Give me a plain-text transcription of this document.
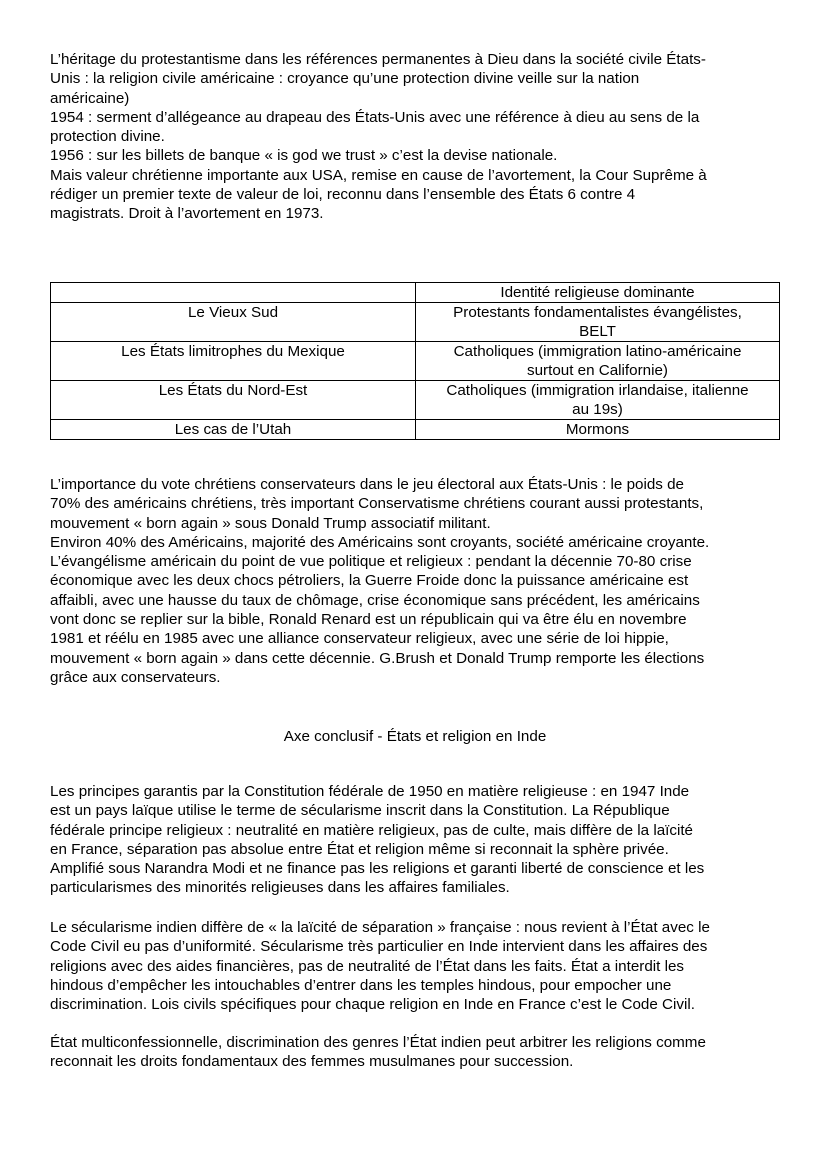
L’héritage du protestantisme dans les références permanentes à Dieu dans la société civile États-
Unis : la religion civile américaine : croyance qu’une protection divine veille sur la nation
américaine)
1954 : serment d’allégeance au drapeau des États-Unis avec une référence à dieu au sens de la
protection divine.
1956 : sur les billets de banque « is god we trust » c’est la devise nationale.
Mais valeur chrétienne importante aux USA, remise en cause de l’avortement, la Cour Suprême à
rédiger un premier texte de valeur de loi, reconnu dans l’ensemble des États 6 contre 4
magistrats. Droit à l’avortement en 1973.

	Identité religieuse dominante
Le Vieux Sud	Protestants fondamentalistes évangélistes,
BELT

Les États limitrophes du Mexique	Catholiques (immigration latino-américaine
surtout en Californie)

Les États du Nord-Est	Catholiques (immigration irlandaise, italienne
au 19s)

Les cas de l’Utah	Mormons

L’importance du vote chrétiens conservateurs dans le jeu électoral aux États-Unis : le poids de
70% des américains chrétiens, très important Conservatisme chrétiens courant aussi protestants,
mouvement « born again » sous Donald Trump associatif militant.
Environ 40% des Américains, majorité des Américains sont croyants, société américaine croyante.
L’évangélisme américain du point de vue politique et religieux : pendant la décennie 70-80 crise
économique avec les deux chocs pétroliers, la Guerre Froide donc la puissance américaine est
affaibli, avec une hausse du taux de chômage, crise économique sans précédent, les américains
vont donc se replier sur la bible, Ronald Renard est un républicain qui va être élu en novembre
1981 et réélu en 1985 avec une alliance conservateur religieux, avec une série de loi hippie,
mouvement « born again » dans cette décennie. G.Brush et Donald Trump remporte les élections
grâce aux conservateurs.

Axe conclusif - États et religion en Inde

Les principes garantis par la Constitution fédérale de 1950 en matière religieuse : en 1947 Inde
est un pays laïque utilise le terme de sécularisme inscrit dans la Constitution. La République
fédérale principe religieux : neutralité en matière religieux, pas de culte, mais diffère de la laïcité
en France, séparation pas absolue entre État et religion même si reconnait la sphère privée.
Amplifié sous Narandra Modi et ne finance pas les religions et garanti liberté de conscience et les
particularismes des minorités religieuses dans les affaires familiales.

Le sécularisme indien diffère de « la laïcité de séparation » française : nous revient à l’État avec le
Code Civil eu pas d’uniformité. Sécularisme très particulier en Inde intervient dans les affaires des
religions avec des aides financières, pas de neutralité de l’État dans les faits. État a interdit les
hindous d’empêcher les intouchables d’entrer dans les temples hindous, pour empocher une
discrimination. Lois civils spécifiques pour chaque religion en Inde en France c’est le Code Civil.

État multiconfessionnelle, discrimination des genres l’État indien peut arbitrer les religions comme
reconnait les droits fondamentaux des femmes musulmanes pour succession.
